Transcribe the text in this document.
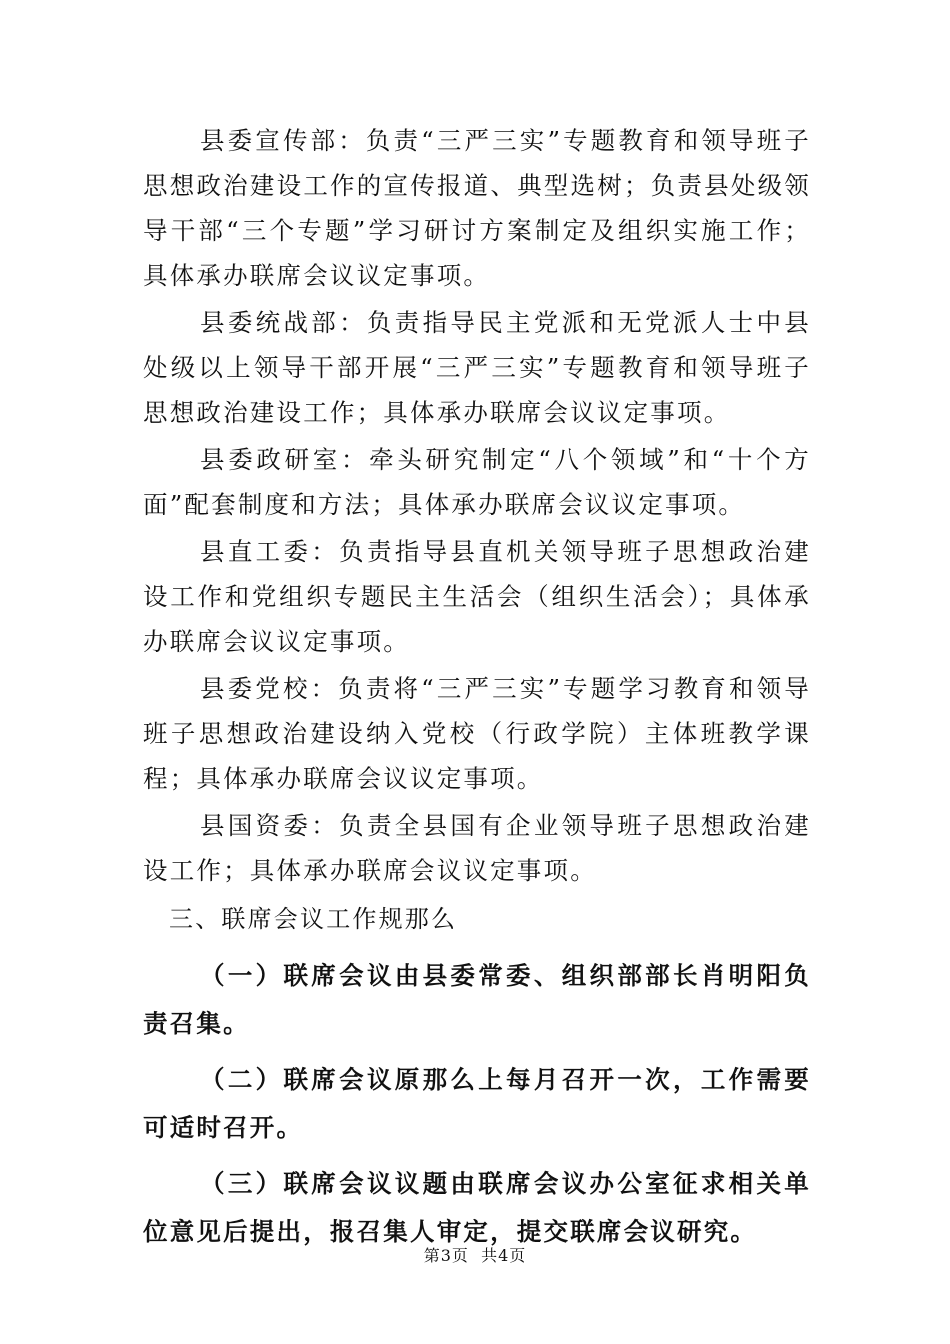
县委宣传部：负责“三严三实”专题教育和领导班子思想政治建设工作的宣传报道、典型选树；负责县处级领导干部“三个专题”学习研讨方案制定及组织实施工作；具体承办联席会议议定事项。

县委统战部：负责指导民主党派和无党派人士中县处级以上领导干部开展“三严三实”专题教育和领导班子思想政治建设工作；具体承办联席会议议定事项。

县委政研室：牵头研究制定“八个领域”和“十个方面”配套制度和方法；具体承办联席会议议定事项。

县直工委：负责指导县直机关领导班子思想政治建设工作和党组织专题民主生活会（组织生活会）；具体承办联席会议议定事项。

县委党校：负责将“三严三实”专题学习教育和领导班子思想政治建设纳入党校（行政学院）主体班教学课程；具体承办联席会议议定事项。

县国资委：负责全县国有企业领导班子思想政治建设工作；具体承办联席会议议定事项。

三、联席会议工作规那么

（一）联席会议由县委常委、组织部部长肖明阳负责召集。

（二）联席会议原那么上每月召开一次，工作需要可适时召开。

（三）联席会议议题由联席会议办公室征求相关单位意见后提出，报召集人审定，提交联席会议研究。

第3页 共4页
